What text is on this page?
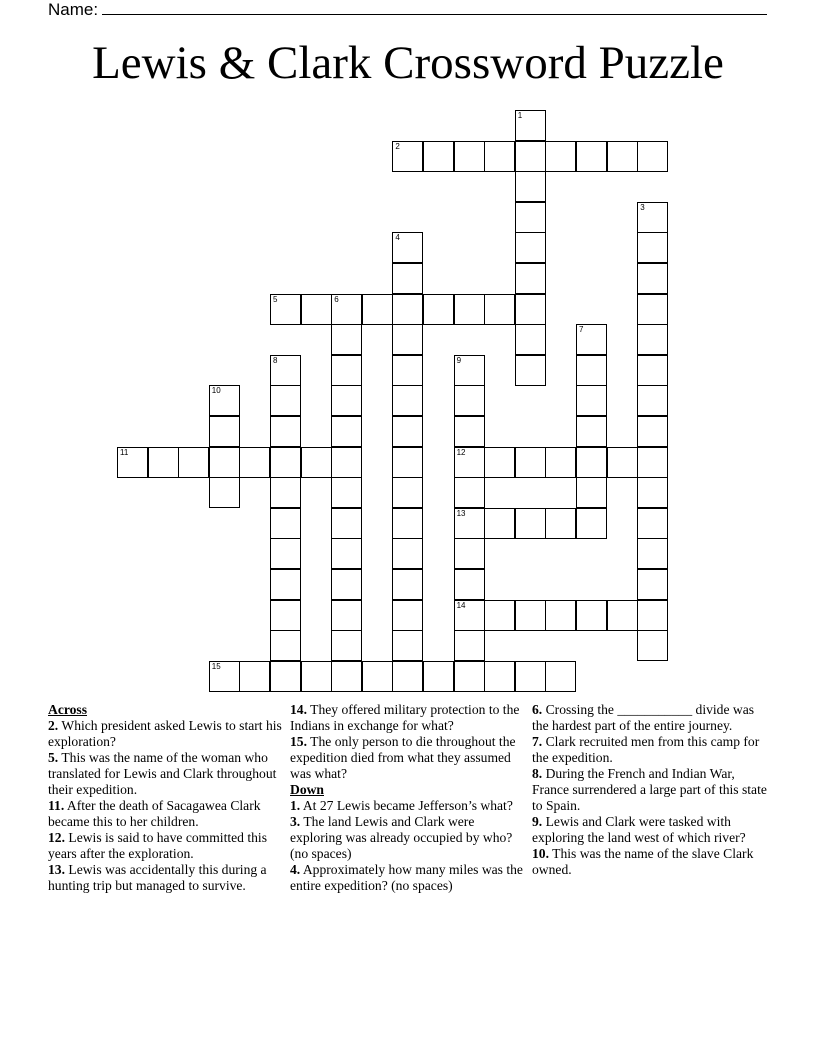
Name:
Lewis & Clark Crossword Puzzle
1
2
3
4
5	6
7
8	9
12
13
14
10
11
15

Across

2. Which president asked Lewis to start his exploration?

5. This was the name of the woman who translated for Lewis and Clark throughout their expedition.

11. After the death of Sacagawea Clark became this to her children.

12. Lewis is said to have committed this years after the exploration.

13. Lewis was accidentally this during a hunting trip but managed to survive.

14. They offered military protection to the Indians in exchange for what?

15. The only person to die throughout the expedition died from what they assumed was what?

Down

1. At 27 Lewis became Jefferson’s what?

3. The land Lewis and Clark were exploring was already occupied by who? (no spaces)

4. Approximately how many miles was the entire expedition? (no spaces)

6. Crossing the ___________ divide was the hardest part of the entire journey.

7. Clark recruited men from this camp for the expedition.

8. During the French and Indian War, France surrendered a large part of this state to Spain.

9. Lewis and Clark were tasked with exploring the land west of which river?

10. This was the name of the slave Clark owned.
